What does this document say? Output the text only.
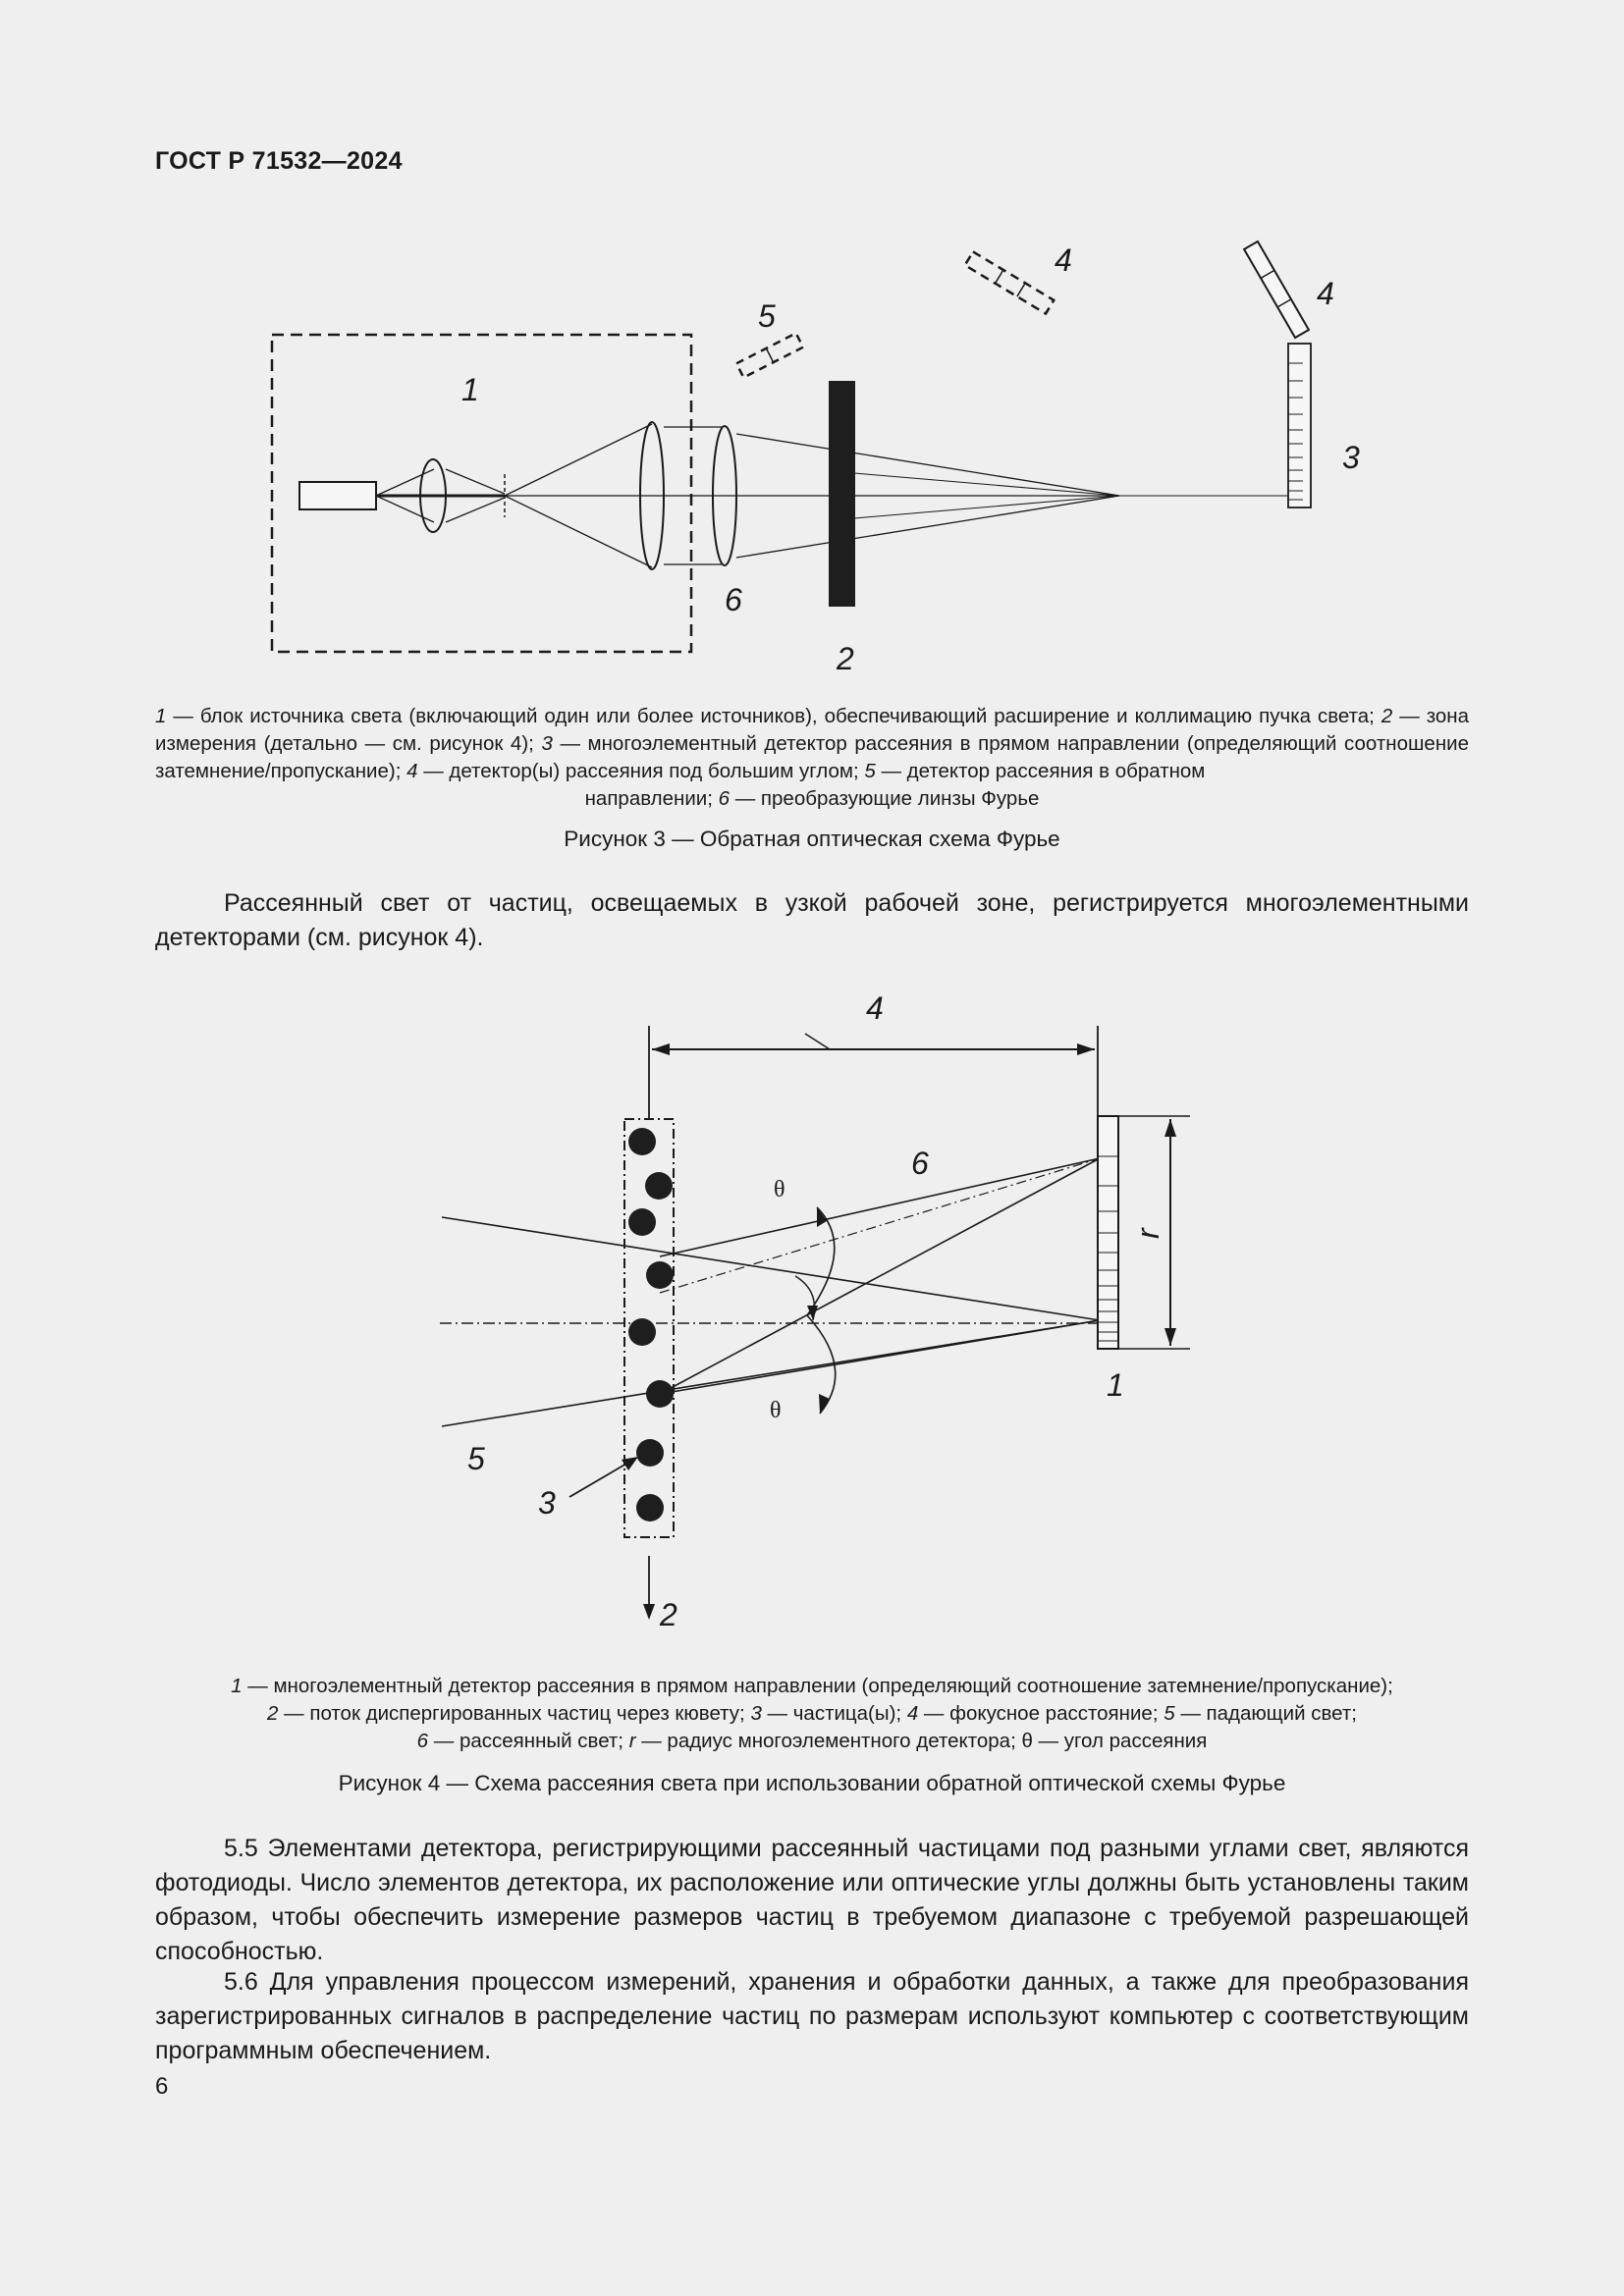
ГОСТ Р 71532—2024
1
2
3
4
4
5
6
1 — блок источника света (включающий один или более источников), обеспечивающий расширение и коллимацию пучка света; 2 — зона измерения (детально — см. рисунок 4); 3 — многоэлементный детектор рассеяния в прямом направлении (определяющий соотношение затемнение/пропускание); 4 — детектор(ы) рассеяния под большим углом; 5 — детектор рассеяния в обратном
направлении; 6 — преобразующие линзы Фурье
Рисунок 3 — Обратная оптическая схема Фурье
Рассеянный свет от частиц, освещаемых в узкой рабочей зоне, регистрируется многоэлементными детекторами (см. рисунок 4).
4
6
1
5
3
2
r
θ
θ
1 — многоэлементный детектор рассеяния в прямом направлении (определяющий соотношение затемнение/пропускание);
2 — поток диспергированных частиц через кювету; 3 — частица(ы); 4 — фокусное расстояние; 5 — падающий свет;
6 — рассеянный свет; r — радиус многоэлементного детектора; θ — угол рассеяния
Рисунок 4 — Схема рассеяния света при использовании обратной оптической схемы Фурье
5.5 Элементами детектора, регистрирующими рассеянный частицами под разными углами свет, являются фотодиоды. Число элементов детектора, их расположение или оптические углы должны быть установлены таким образом, чтобы обеспечить измерение размеров частиц в требуемом диапазоне с требуемой разрешающей способностью.
5.6 Для управления процессом измерений, хранения и обработки данных, а также для преобразования зарегистрированных сигналов в распределение частиц по размерам используют компьютер с соответствующим программным обеспечением.
6
